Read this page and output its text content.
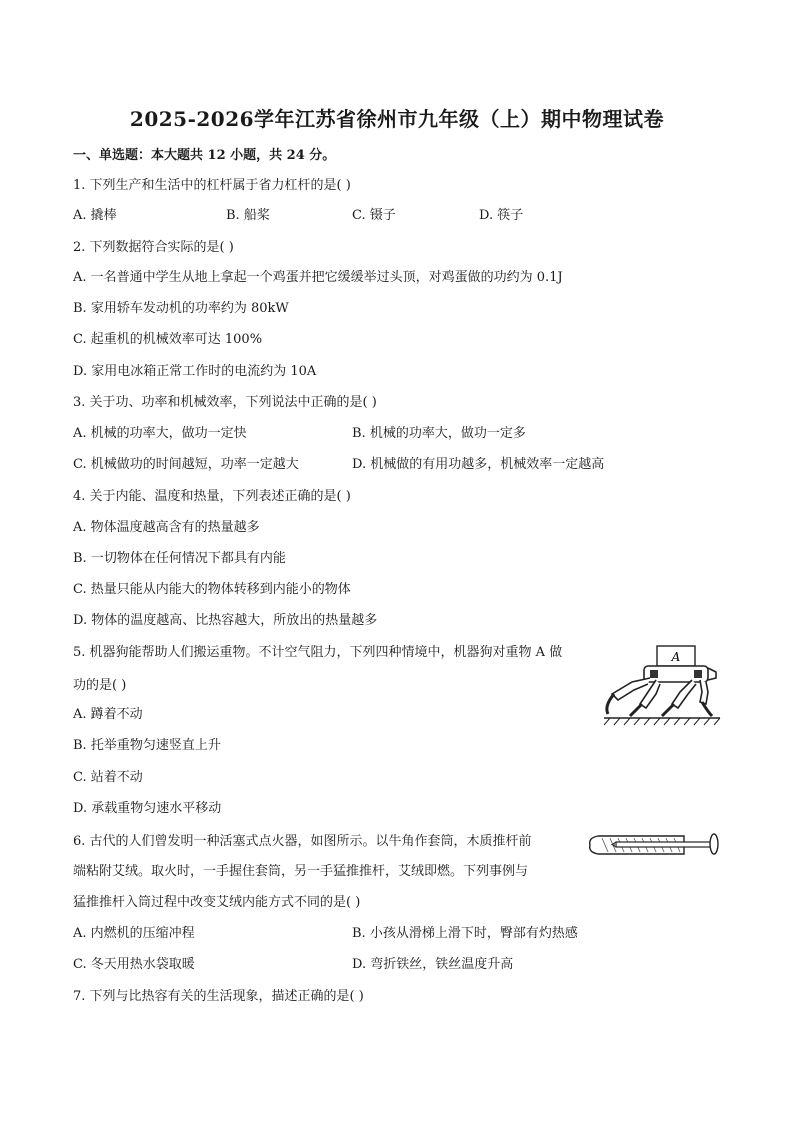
2025-2026学年江苏省徐州市九年级（上）期中物理试卷
一、单选题：本大题共 12 小题，共 24 分。
1. 下列生产和生活中的杠杆属于省力杠杆的是( )
A. 撬棒	B. 船桨	C. 镊子	D. 筷子
2. 下列数据符合实际的是( )
A. 一名普通中学生从地上拿起一个鸡蛋并把它缓缓举过头顶，对鸡蛋做的功约为 0.1J
B. 家用轿车发动机的功率约为 80kW
C. 起重机的机械效率可达 100%
D. 家用电冰箱正常工作时的电流约为 10A
3. 关于功、功率和机械效率，下列说法中正确的是( )
A. 机械的功率大，做功一定快	B. 机械的功率大，做功一定多
C. 机械做功的时间越短，功率一定越大	D. 机械做的有用功越多，机械效率一定越高
4. 关于内能、温度和热量，下列表述正确的是( )
A. 物体温度越高含有的热量越多
B. 一切物体在任何情况下都具有内能
C. 热量只能从内能大的物体转移到内能小的物体
D. 物体的温度越高、比热容越大，所放出的热量越多
5. 机器狗能帮助人们搬运重物。不计空气阻力，下列四种情境中，机器狗对重物 A 做
功的是( )
A. 蹲着不动
B. 托举重物匀速竖直上升
C. 站着不动
D. 承载重物匀速水平移动
A
6. 古代的人们曾发明一种活塞式点火器，如图所示。以牛角作套筒，木质推杆前
端粘附艾绒。取火时，一手握住套筒，另一手猛推推杆，艾绒即燃。下列事例与
猛推推杆入筒过程中改变艾绒内能方式不同的是( )
A. 内燃机的压缩冲程	B. 小孩从滑梯上滑下时，臀部有灼热感
C. 冬天用热水袋取暖	D. 弯折铁丝，铁丝温度升高
7. 下列与比热容有关的生活现象，描述正确的是( )
